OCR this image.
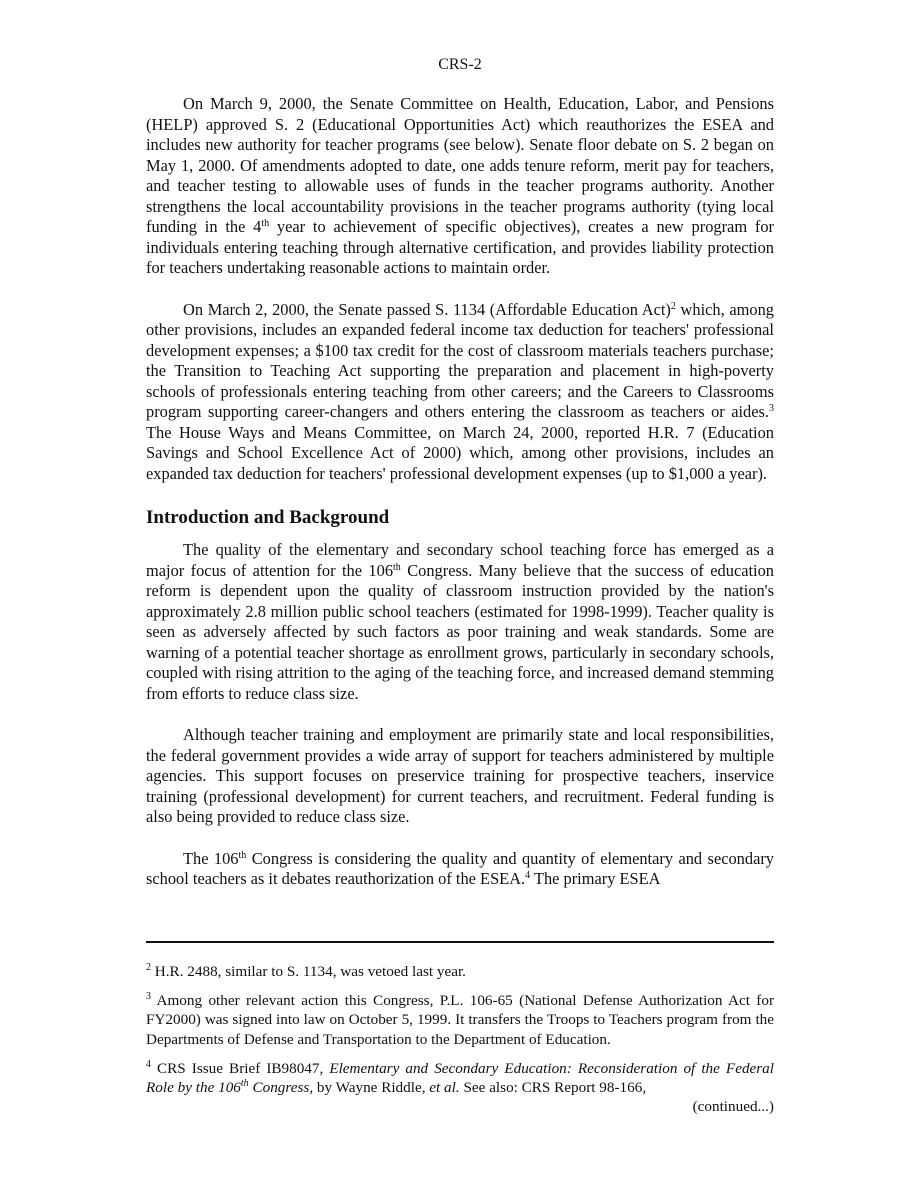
CRS-2

On March 9, 2000, the Senate Committee on Health, Education, Labor, and Pensions (HELP) approved S. 2 (Educational Opportunities Act) which reauthorizes the ESEA and includes new authority for teacher programs (see below). Senate floor debate on S. 2 began on May 1, 2000. Of amendments adopted to date, one adds tenure reform, merit pay for teachers, and teacher testing to allowable uses of funds in the teacher programs authority. Another strengthens the local accountability provisions in the teacher programs authority (tying local funding in the 4th year to achievement of specific objectives), creates a new program for individuals entering teaching through alternative certification, and provides liability protection for teachers undertaking reasonable actions to maintain order.

On March 2, 2000, the Senate passed S. 1134 (Affordable Education Act)$^2$ which, among other provisions, includes an expanded federal income tax deduction for teachers' professional development expenses; a $100 tax credit for the cost of classroom materials teachers purchase; the Transition to Teaching Act supporting the preparation and placement in high-poverty schools of professionals entering teaching from other careers; and the Careers to Classrooms program supporting career-changers and others entering the classroom as teachers or aides.$^3$ The House Ways and Means Committee, on March 24, 2000, reported H.R. 7 (Education Savings and School Excellence Act of 2000) which, among other provisions, includes an expanded tax deduction for teachers' professional development expenses (up to $1,000 a year).

Introduction and Background

The quality of the elementary and secondary school teaching force has emerged as a major focus of attention for the 106th Congress. Many believe that the success of education reform is dependent upon the quality of classroom instruction provided by the nation's approximately 2.8 million public school teachers (estimated for 1998-1999). Teacher quality is seen as adversely affected by such factors as poor training and weak standards. Some are warning of a potential teacher shortage as enrollment grows, particularly in secondary schools, coupled with rising attrition to the aging of the teaching force, and increased demand stemming from efforts to reduce class size.

Although teacher training and employment are primarily state and local responsibilities, the federal government provides a wide array of support for teachers administered by multiple agencies. This support focuses on preservice training for prospective teachers, inservice training (professional development) for current teachers, and recruitment. Federal funding is also being provided to reduce class size.

The 106th Congress is considering the quality and quantity of elementary and secondary school teachers as it debates reauthorization of the ESEA.$^4$ The primary ESEA

$^2$ H.R. 2488, similar to S. 1134, was vetoed last year.

$^3$ Among other relevant action this Congress, P.L. 106-65 (National Defense Authorization Act for FY2000) was signed into law on October 5, 1999. It transfers the Troops to Teachers program from the Departments of Defense and Transportation to the Department of Education.

$^4$ CRS Issue Brief IB98047, Elementary and Secondary Education: Reconsideration of the Federal Role by the 106th Congress, by Wayne Riddle, et al. See also: CRS Report 98-166,
(continued...)
